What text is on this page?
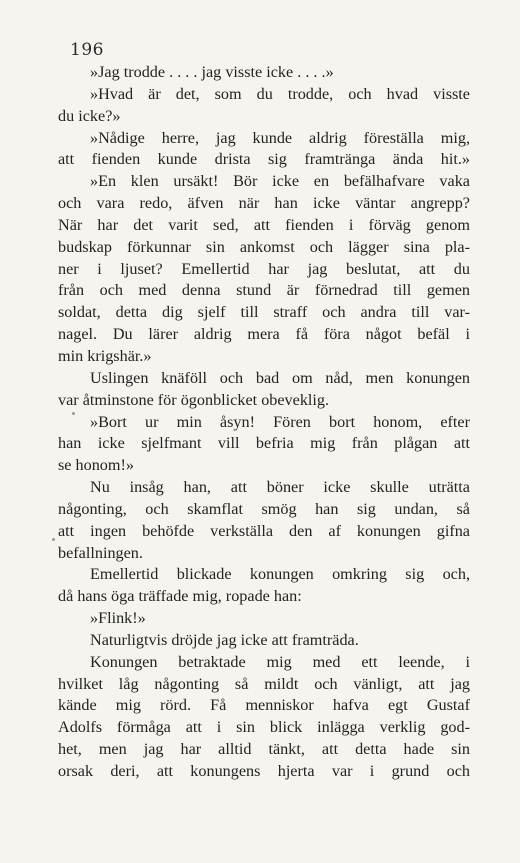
196
»Jag trodde . . . . jag visste icke . . . .»
»Hvad är det, som du trodde, och hvad visste
du icke?»
»Nådige herre, jag kunde aldrig föreställa mig,
att fienden kunde drista sig framtränga ända hit.»
»En klen ursäkt! Bör icke en befälhafvare vaka
och vara redo, äfven när han icke väntar angrepp?
När har det varit sed, att fienden i förväg genom
budskap förkunnar sin ankomst och lägger sina pla-
ner i ljuset? Emellertid har jag beslutat, att du
från och med denna stund är förnedrad till gemen
soldat, detta dig sjelf till straff och andra till var-
nagel. Du lärer aldrig mera få föra något befäl i
min krigshär.»
Uslingen knäföll och bad om nåd, men konungen
var åtminstone för ögonblicket obeveklig.
»Bort ur min åsyn! Fören bort honom, efter
han icke sjelfmant vill befria mig från plågan att
se honom!»
Nu insåg han, att böner icke skulle uträtta
någonting, och skamflat smög han sig undan, så
att ingen behöfde verkställa den af konungen gifna
befallningen.
Emellertid blickade konungen omkring sig och,
då hans öga träffade mig, ropade han:
»Flink!»
Naturligtvis dröjde jag icke att framträda.
Konungen betraktade mig med ett leende, i
hvilket låg någonting så mildt och vänligt, att jag
kände mig rörd. Få menniskor hafva egt Gustaf
Adolfs förmåga att i sin blick inlägga verklig god-
het, men jag har alltid tänkt, att detta hade sin
orsak deri, att konungens hjerta var i grund och
